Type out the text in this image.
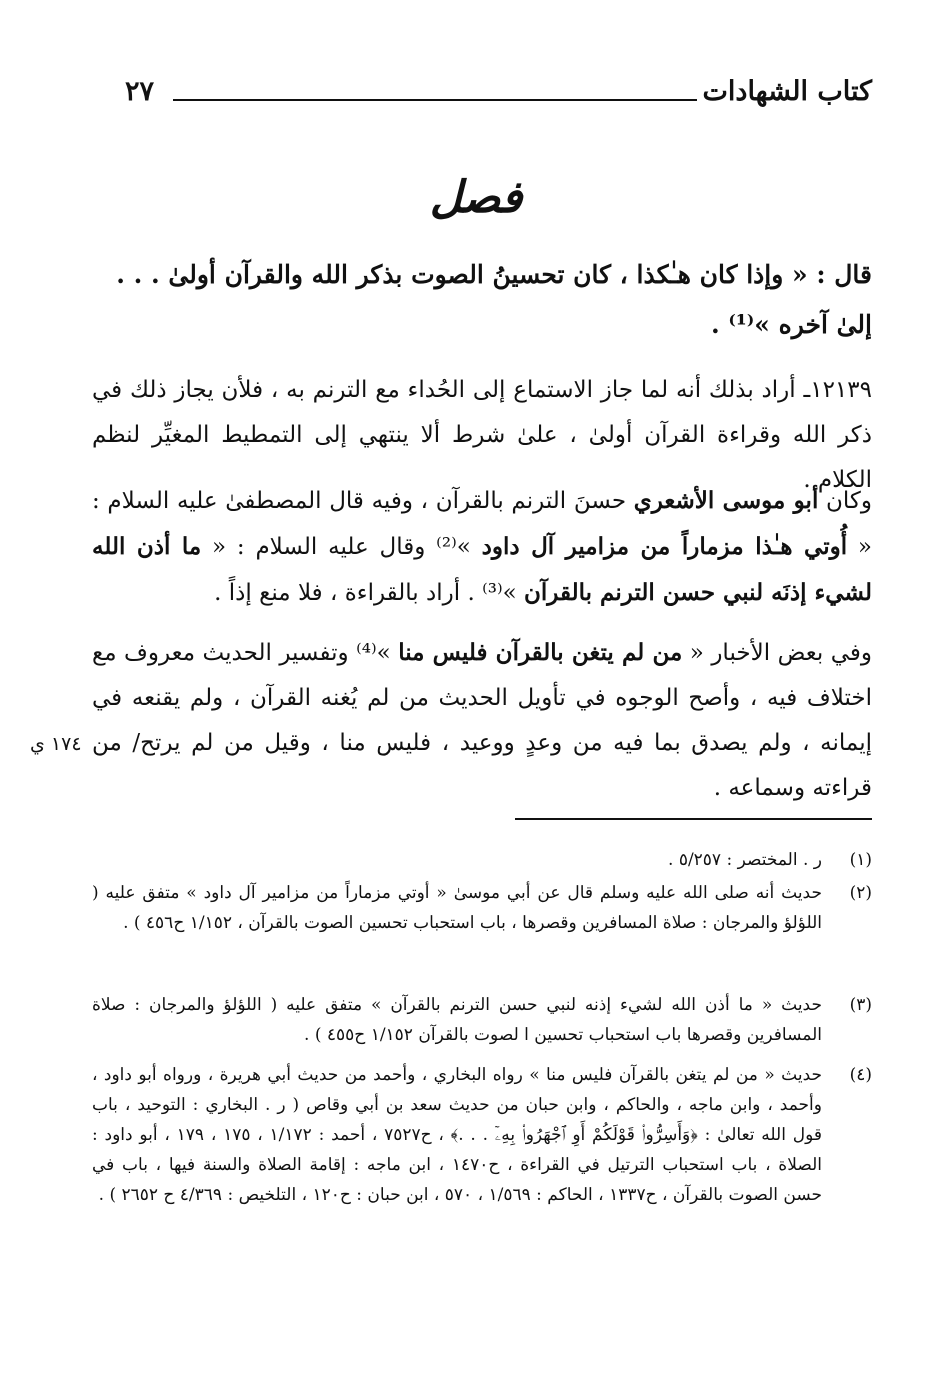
كتاب الشهادات
٢٧
فصل
قال : « وإذا كان هـٰكذا ، كان تحسينُ الصوت بذكر الله والقرآن أولىٰ . . .
إلىٰ آخره »⁽¹⁾ .
١٢١٣٩ـ أراد بذلك أنه لما جاز الاستماع إلى الحُداء مع الترنم به ، فلأن يجاز ذلك في ذكر الله وقراءة القرآن أولىٰ ، علىٰ شرط ألا ينتهي إلى التمطيط المغيِّر لنظم الكلام .
وكان أبو موسى الأشعري حسنَ الترنم بالقرآن ، وفيه قال المصطفىٰ عليه السلام : « أُوتي هـٰذا مزماراً من مزامير آل داود »⁽²⁾ وقال عليه السلام : « ما أذن الله لشيء إذنَه لنبي حسن الترنم بالقرآن »⁽³⁾ . أراد بالقراءة ، فلا منع إذاً .
وفي بعض الأخبار « من لم يتغن بالقرآن فليس منا »⁽⁴⁾ وتفسير الحديث معروف مع اختلاف فيه ، وأصح الوجوه في تأويل الحديث من لم يُغنه القرآن ، ولم يقنعه في إيمانه ، ولم يصدق بما فيه من وعدٍ ووعيد ، فليس منا ، وقيل من لم يرتح/ من قراءته وسماعه .
١٧٤ ي
(١)
ر . المختصر : ٥/٢٥٧ .
(٢)
حديث أنه صلى الله عليه وسلم قال عن أبي موسىٰ « أوتي مزماراً من مزامير آل داود » متفق عليه ( اللؤلؤ والمرجان : صلاة المسافرين وقصرها ، باب استحباب تحسين الصوت بالقرآن ، ١/١٥٢ ح٤٥٦ ) .
(٣)
حديث « ما أذن الله لشيء إذنه لنبي حسن الترنم بالقرآن » متفق عليه ( اللؤلؤ والمرجان : صلاة المسافرين وقصرها باب استحباب تحسين ا لصوت بالقرآن ١/١٥٢ ح٤٥٥ ) .
(٤)
حديث « من لم يتغن بالقرآن فليس منا » رواه البخاري ، وأحمد من حديث أبي هريرة ، ورواه أبو داود ، وأحمد ، وابن ماجه ، والحاكم ، وابن حبان من حديث سعد بن أبي وقاص ( ر . البخاري : التوحيد ، باب قول الله تعالىٰ : ﴿وَأَسِرُّوا۟ قَوْلَكُمْ أَوِ ٱجْهَرُوا۟ بِهِۦٓ . . .﴾ ، ح٧٥٢٧ ، أحمد : ١/١٧٢ ، ١٧٥ ، ١٧٩ ، أبو داود : الصلاة ، باب استحباب الترتيل في القراءة ، ح١٤٧٠ ، ابن ماجه : إقامة الصلاة والسنة فيها ، باب في حسن الصوت بالقرآن ، ح١٣٣٧ ، الحاكم : ١/٥٦٩ ، ٥٧٠ ، ابن حبان : ح١٢٠ ، التلخيص : ٤/٣٦٩ ح ٢٦٥٢ ) .
